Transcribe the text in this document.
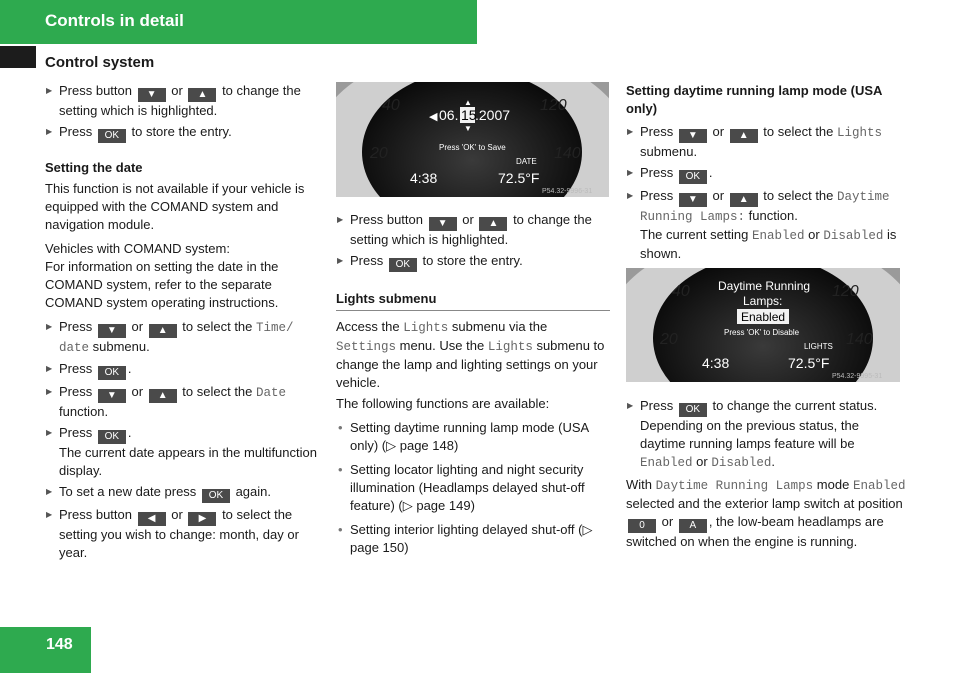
Controls in detail
Control system
▶ Press button ▼ or ▲ to change the setting which is highlighted.
▶ Press OK to store the entry.
Setting the date

This function is not available if your vehicle is equipped with the COMAND system and navigation module.

Vehicles with COMAND system:
For information on setting the date in the COMAND system, refer to the separate COMAND system operating instructions.

▶ Press ▼ or ▲ to select the Time/ date submenu.
▶ Press OK .
▶ Press ▼ or ▲ to select the Date
function.
▶ Press OK .
The current date appears in the multifunction display.
▶ To set a new date press OK again.
▶ Press button ◀ or ▶ to select the setting you wish to change: month, day or year.
40	120
20	140
◀ 06. 15
.2007
▲
▼
Press 'OK' to Save
DATE
4:38	72.5°F
P54.32-9996-31
▶ Press button ▼ or ▲ to change the setting which is highlighted.
▶ Press OK to store the entry.
Lights submenu

Access the Lights submenu via the Settings menu. Use the Lights submenu to change the lamp and lighting settings on your vehicle.

The following functions are available:

• Setting daytime running lamp mode (USA only) (▷ page 148)
• Setting locator lighting and night security illumination (Headlamps delayed shut-off feature) (▷ page 149)
• Setting interior lighting delayed shut-off (▷ page 150)
Setting daytime running lamp mode (USA only)
▶ Press ▼ or ▲ to select the Lights
submenu.
▶ Press OK .
▶ Press ▼ or ▲ to select the Daytime Running Lamps: function.
The current setting Enabled or Disabled is shown.
40	120
20	140
Daytime Running
Lamps:
Enabled
Press 'OK' to Disable
LIGHTS
4:38	72.5°F
P54.32-9995-31
▶ Press OK to change the current status. Depending on the previous status, the daytime running lamps feature will be Enabled or Disabled.

With Daytime Running Lamps mode Enabled selected and the exterior lamp switch at position 0 or A , the low-beam headlamps are switched on when the engine is running.

148
